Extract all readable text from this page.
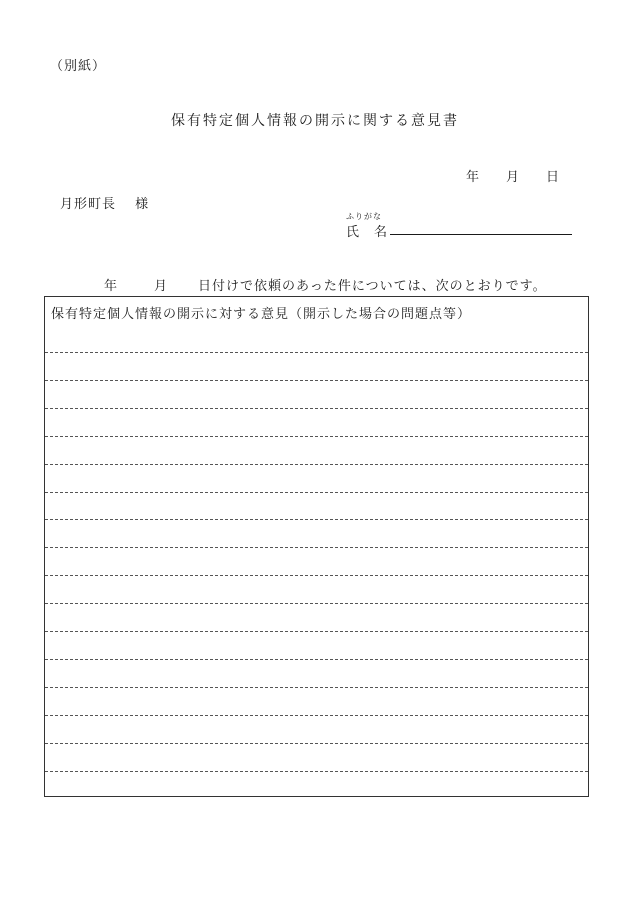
（別紙）
保有特定個人情報の開示に関する意見書
年 月 日
月形町長　 様
ふりがな
氏　名
年	月 日付けで依頼のあった件については、次のとおりです。
保有特定個人情報の開示に対する意見（開示した場合の問題点等）
